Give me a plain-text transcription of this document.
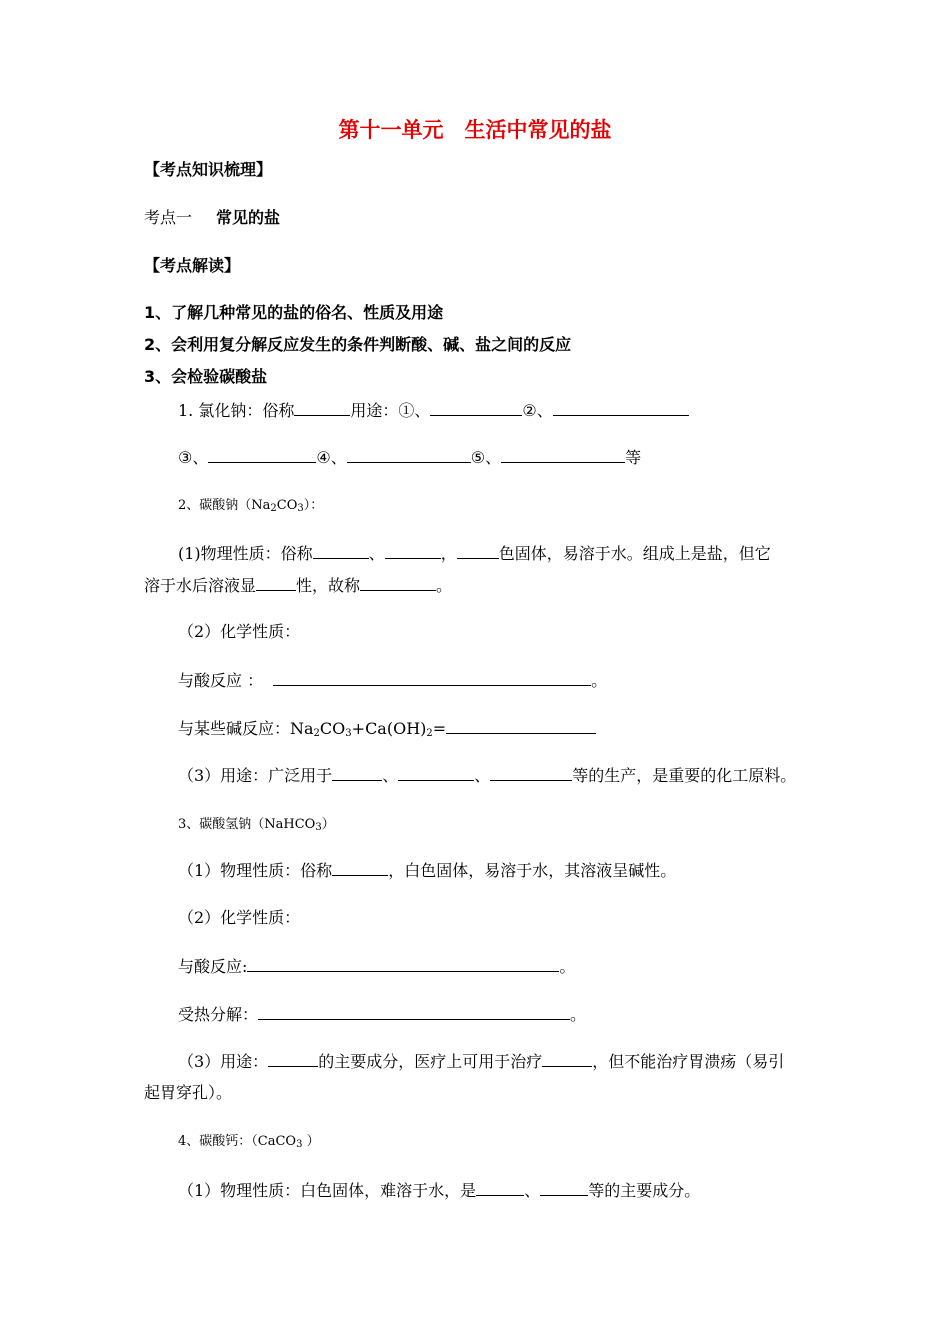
第十一单元　生活中常见的盐
【考点知识梳理】
考点一 常见的盐
【考点解读】
1、了解几种常见的盐的俗名、性质及用途
2、会利用复分解反应发生的条件判断酸、碱、盐之间的反应
3、会检验碳酸盐
1. 氯化钠：俗称	用途：①、	②、
③、	④、	⑤、	等
2、碳酸钠$(Na_2CO_3)$：
(1)物理性质：俗称	、	，	色固体，易溶于水。组成上是盐，但它
溶于水后溶液显	性，故称	。
（2）化学性质：
与酸反应 ：	。
与某些碱反应：$Na_2CO_3+Ca(OH)_2=$
（3）用途：广泛用于	、	、	等的生产，是重要的化工原料。
3、碳酸氢钠（NaHCO$_3$）
（1）物理性质：俗称	，白色固体，易溶于水，其溶液呈碱性。
（2）化学性质：
与酸反应:	。
受热分解：	。
（3）用途：	的主要成分，医疗上可用于治疗	，但不能治疗胃溃疡（易引
起胃穿孔）。
4、碳酸钙：（CaCO$_3$ ）
（1）物理性质：白色固体，难溶于水，是	、	等的主要成分。
